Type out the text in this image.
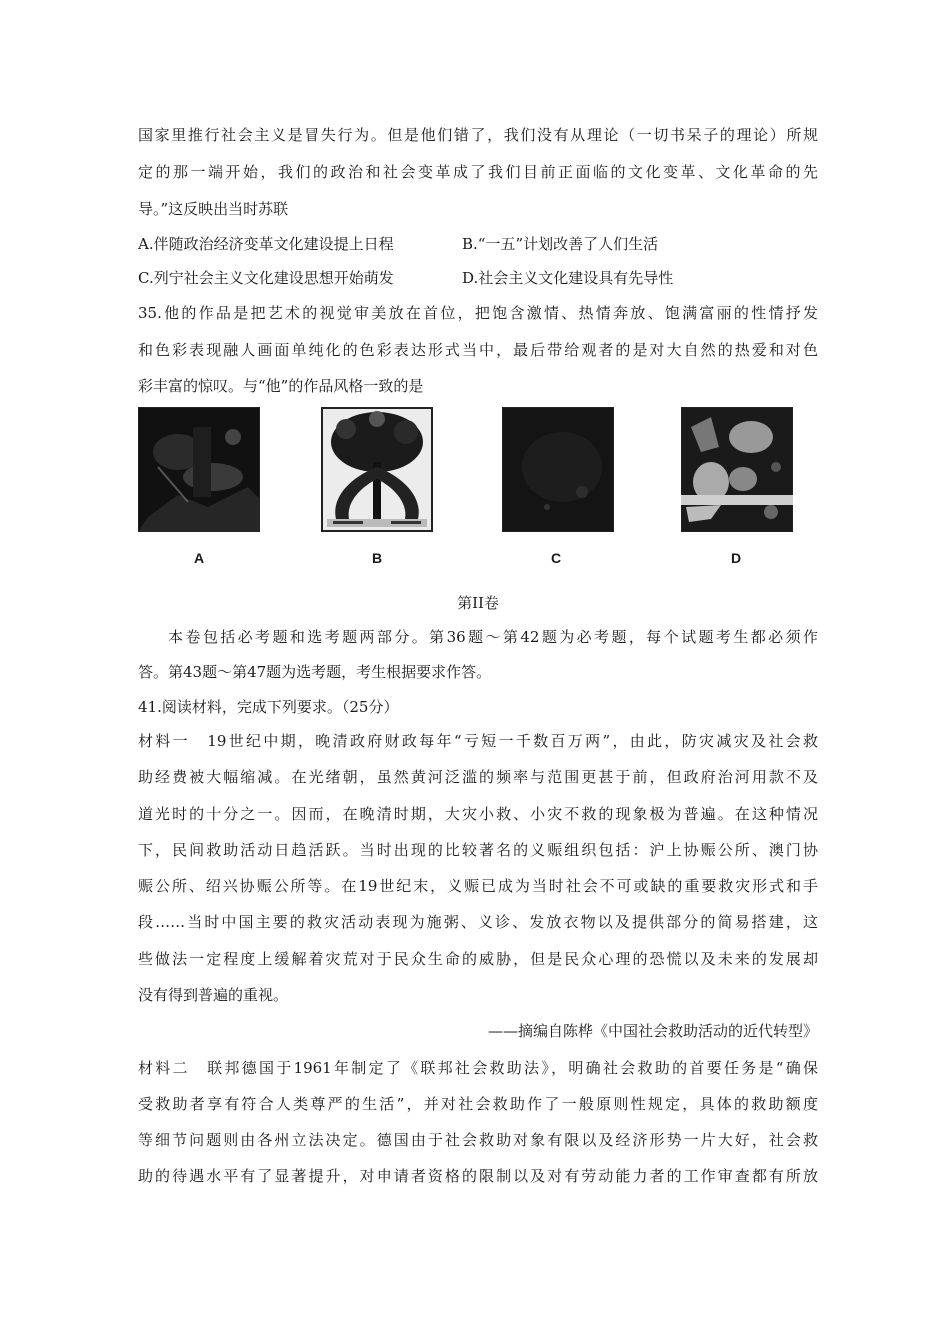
国家里推行社会主义是冒失行为。但是他们错了，我们没有从理论（一切书呆子的理论）所规
定的那一端开始，我们的政治和社会变革成了我们目前正面临的文化变革、文化革命的先
导。”这反映出当时苏联
A.伴随政治经济变革文化建设提上日程	B.“一五”计划改善了人们生活
C.列宁社会主义文化建设思想开始萌发	D.社会主义文化建设具有先导性
35.他的作品是把艺术的视觉审美放在首位，把饱含激情、热情奔放、饱满富丽的性情抒发
和色彩表现融人画面单纯化的色彩表达形式当中，最后带给观者的是对大自然的热爱和对色
彩丰富的惊叹。与“他”的作品风格一致的是
A	B	C	D
第II卷
本卷包括必考题和选考题两部分。第36题～第42题为必考题，每个试题考生都必须作
答。第43题～第47题为选考题，考生根据要求作答。
41.阅读材料，完成下列要求。（25分）
材料一　19世纪中期，晚清政府财政每年“亏短一千数百万两”，由此，防灾减灾及社会救
助经费被大幅缩减。在光绪朝，虽然黄河泛滥的频率与范围更甚于前，但政府治河用款不及
道光时的十分之一。因而，在晚清时期，大灾小救、小灾不救的现象极为普遍。在这种情况
下，民间救助活动日趋活跃。当时出现的比较著名的义赈组织包括：沪上协赈公所、澳门协
赈公所、绍兴协赈公所等。在19世纪末，义赈已成为当时社会不可或缺的重要救灾形式和手
段……当时中国主要的救灾活动表现为施粥、义诊、发放衣物以及提供部分的简易搭建，这
些做法一定程度上缓解着灾荒对于民众生命的威胁，但是民众心理的恐慌以及未来的发展却
没有得到普遍的重视。
——摘编自陈桦《中国社会救助活动的近代转型》
材料二　联邦德国于1961年制定了《联邦社会救助法》，明确社会救助的首要任务是“确保
受救助者享有符合人类尊严的生活”，并对社会救助作了一般原则性规定，具体的救助额度
等细节问题则由各州立法决定。德国由于社会救助对象有限以及经济形势一片大好，社会救
助的待遇水平有了显著提升，对申请者资格的限制以及对有劳动能力者的工作审查都有所放
